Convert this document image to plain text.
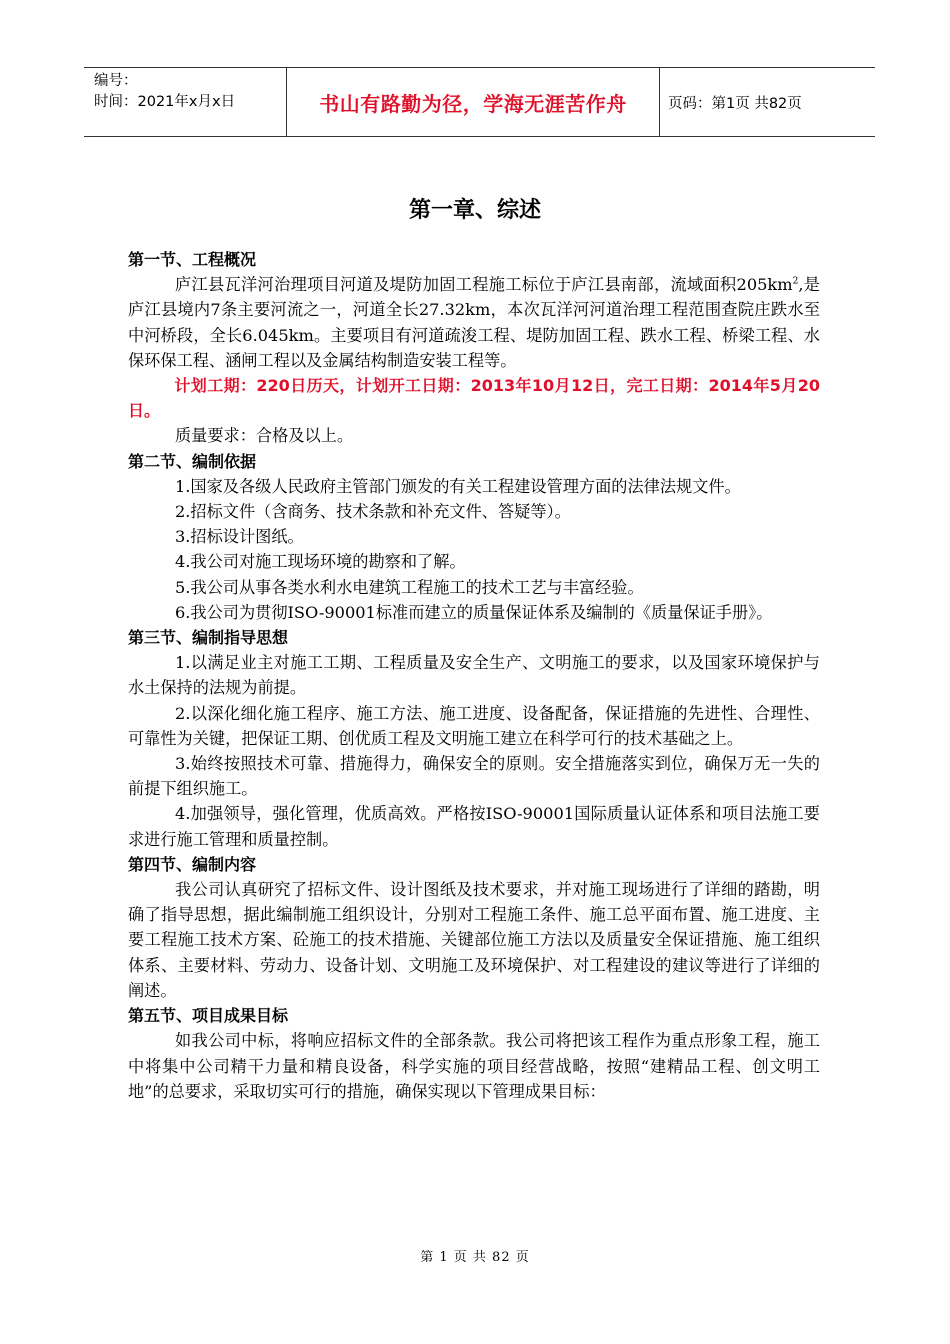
编号：
时间：2021年x月x日	书山有路勤为径，学海无涯苦作舟	页码：第1页 共82页
第一章、综述

第一节、工程概况

庐江县瓦洋河治理项目河道及堤防加固工程施工标位于庐江县南部，流域面积$205km^2$,是庐江县境内7条主要河流之一，河道全长27.32km，本次瓦洋河河道治理工程范围查院庄跌水至中河桥段，全长6.045km。主要项目有河道疏浚工程、堤防加固工程、跌水工程、桥梁工程、水保环保工程、涵闸工程以及金属结构制造安装工程等。

计划工期：220日历天，计划开工日期：2013年10月12日，完工日期：2014年5月20日。

质量要求：合格及以上。

第二节、编制依据

1.国家及各级人民政府主管部门颁发的有关工程建设管理方面的法律法规文件。

2.招标文件（含商务、技术条款和补充文件、答疑等）。

3.招标设计图纸。

4.我公司对施工现场环境的勘察和了解。

5.我公司从事各类水利水电建筑工程施工的技术工艺与丰富经验。

6.我公司为贯彻ISO-90001标准而建立的质量保证体系及编制的《质量保证手册》。

第三节、编制指导思想

1.以满足业主对施工工期、工程质量及安全生产、文明施工的要求，以及国家环境保护与水土保持的法规为前提。

2.以深化细化施工程序、施工方法、施工进度、设备配备，保证措施的先进性、合理性、可靠性为关键，把保证工期、创优质工程及文明施工建立在科学可行的技术基础之上。

3.始终按照技术可靠、措施得力，确保安全的原则。安全措施落实到位，确保万无一失的前提下组织施工。

4.加强领导，强化管理，优质高效。严格按ISO-90001国际质量认证体系和项目法施工要求进行施工管理和质量控制。

第四节、编制内容

我公司认真研究了招标文件、设计图纸及技术要求，并对施工现场进行了详细的踏勘，明确了指导思想，据此编制施工组织设计，分别对工程施工条件、施工总平面布置、施工进度、主要工程施工技术方案、砼施工的技术措施、关键部位施工方法以及质量安全保证措施、施工组织体系、主要材料、劳动力、设备计划、文明施工及环境保护、对工程建设的建议等进行了详细的阐述。

第五节、项目成果目标

如我公司中标，将响应招标文件的全部条款。我公司将把该工程作为重点形象工程，施工中将集中公司精干力量和精良设备，科学实施的项目经营战略，按照“建精品工程、创文明工地”的总要求，采取切实可行的措施，确保实现以下管理成果目标：

第 1 页 共 82 页
